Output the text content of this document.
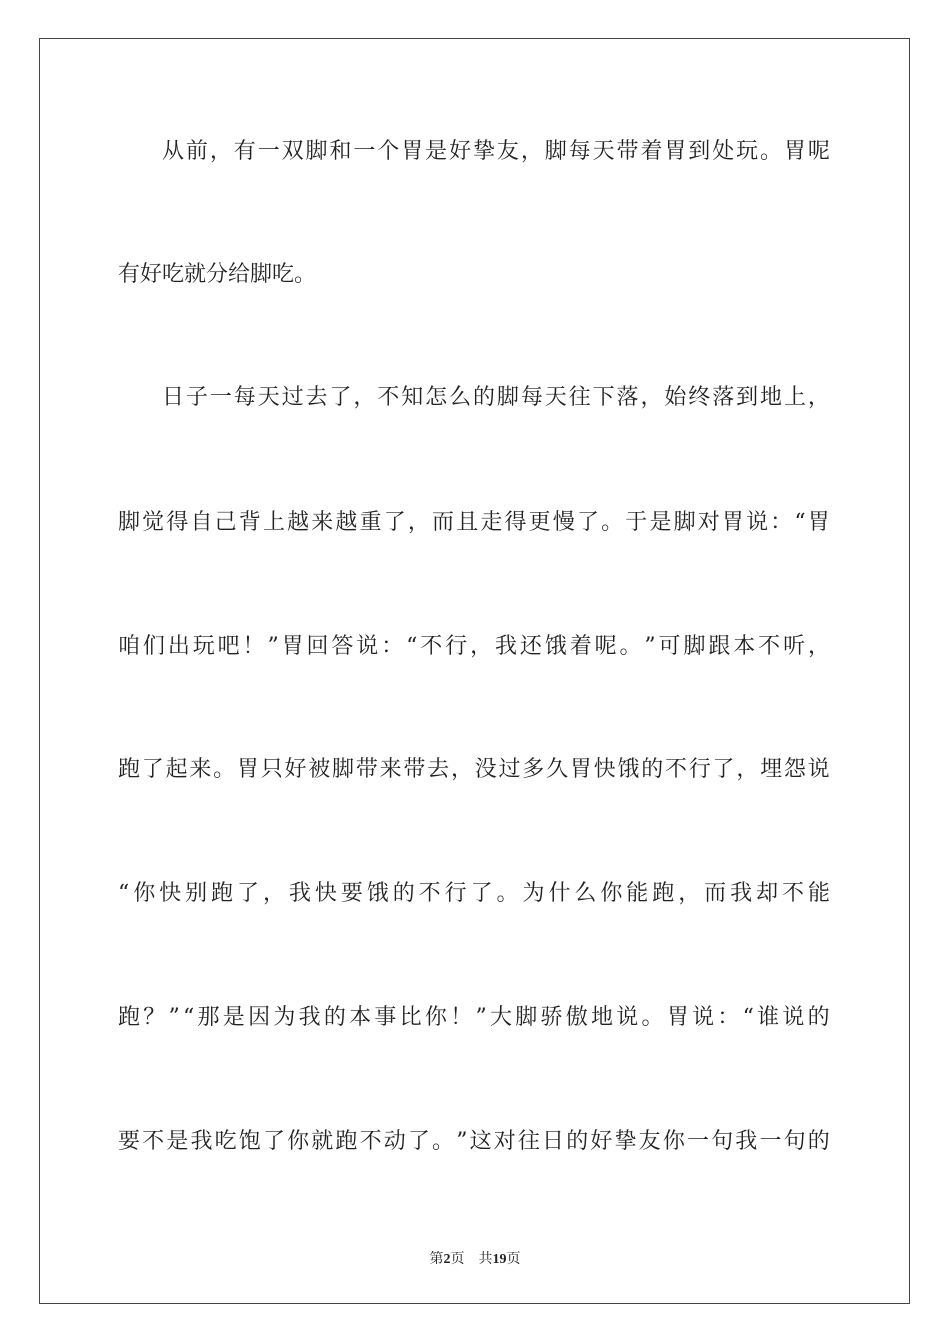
从 前 ， 有 一 双 脚 和 一 个 胃 是 好 挚 友 ， 脚 每 天 带 着 胃 到 处 玩 。 胃 呢
有好吃就分给脚吃。
日 子 一 每 天 过 去 了 ， 不 知 怎 么 的 脚 每 天 往 下 落 ， 始 终 落 到 地 上 ，
脚 觉 得 自 己 背 上 越 来 越 重 了 ， 而 且 走 得 更 慢 了 。 于 是 脚 对 胃 说 ： “ 胃
咱 们 出 玩 吧 ！ ” 胃 回 答 说 ： “ 不 行 ， 我 还 饿 着 呢 。 ” 可 脚 跟 本 不 听 ，
跑 了 起 来 。 胃 只 好 被 脚 带 来 带 去 ， 没 过 多 久 胃 快 饿 的 不 行 了 ， 埋 怨 说
“ 你 快 别 跑 了 ， 我 快 要 饿 的 不 行 了 。 为 什 么 你 能 跑 ， 而 我 却 不 能
跑 ？ ” “ 那 是 因 为 我 的 本 事 比 你 ！ ” 大 脚 骄 傲 地 说 。 胃 说 ： “ 谁 说 的
要 不 是 我 吃 饱 了 你 就 跑 不 动 了 。 ” 这 对 往 日 的 好 挚 友 你 一 句 我 一 句 的
第2页 共19页
